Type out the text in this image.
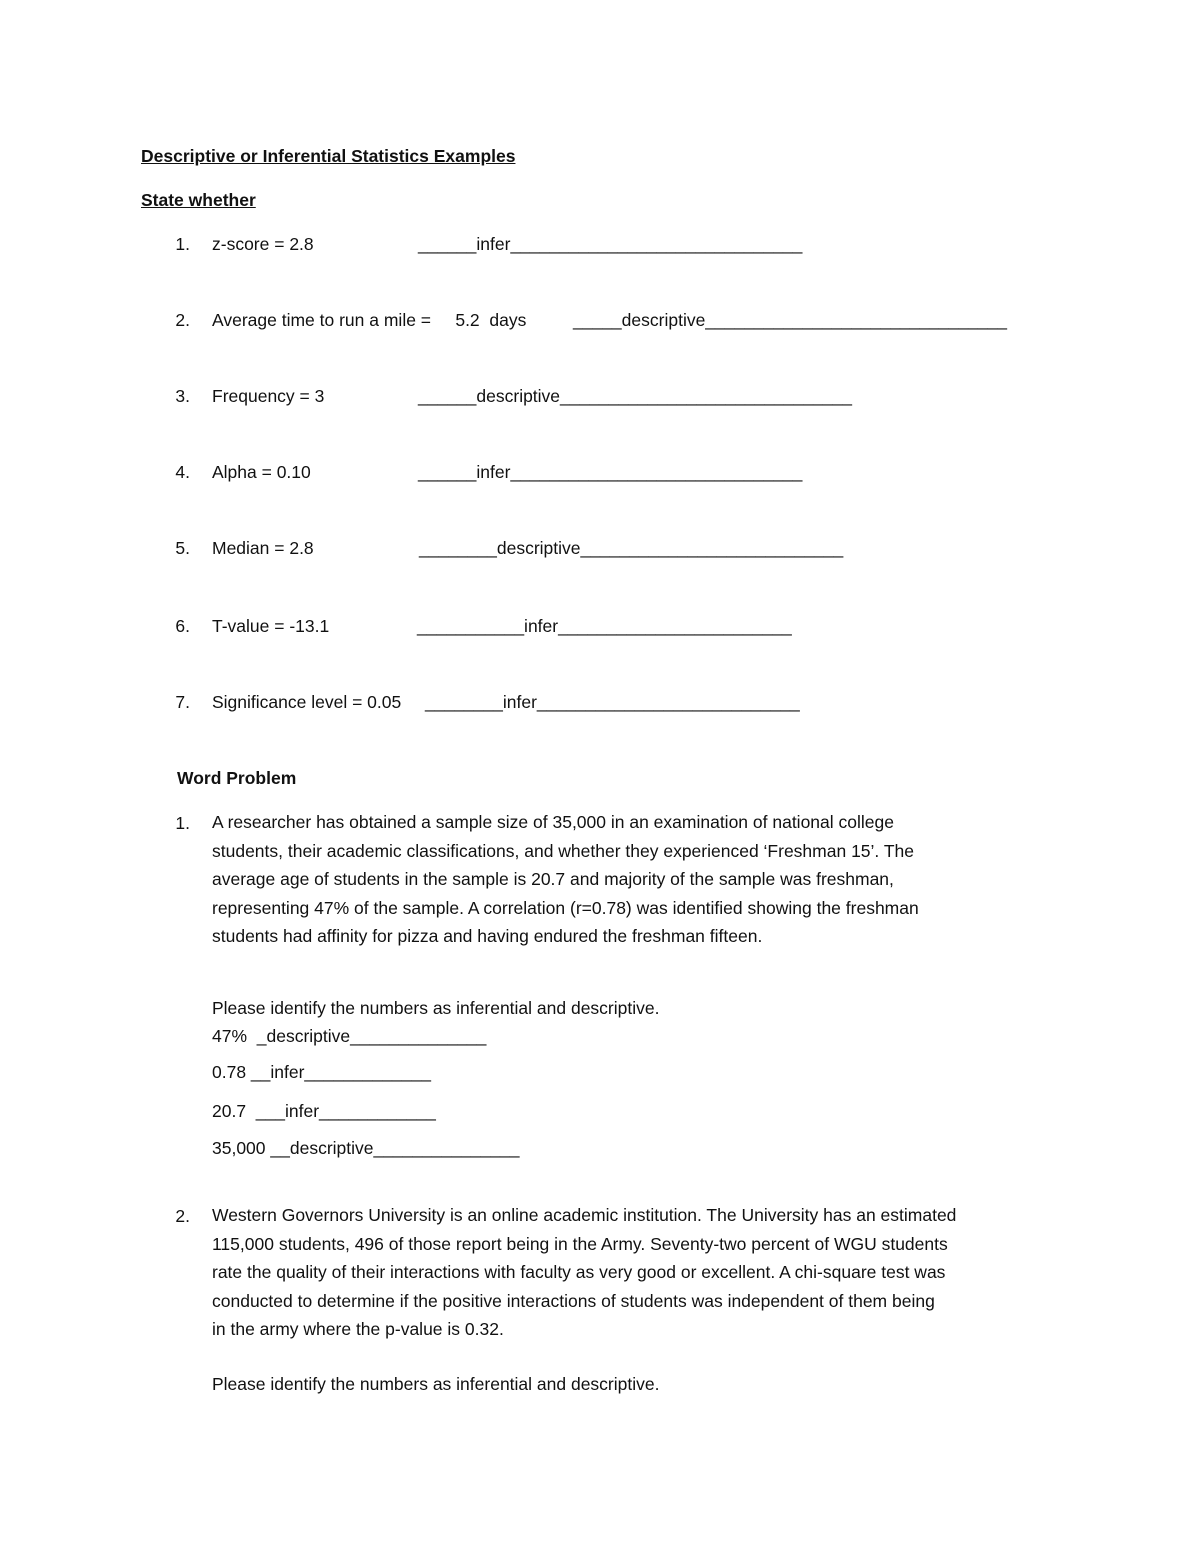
Descriptive or Inferential Statistics Examples
State whether
1. z-score = 2.8	______infer______________________________
2. Average time to run a mile =     5.2  days	_____descriptive_______________________________
3. Frequency = 3	______descriptive______________________________
4. Alpha = 0.10	______infer______________________________
5. Median = 2.8	________descriptive___________________________
6. T-value = -13.1	___________infer________________________
7. Significance level = 0.05 ________infer___________________________
Word Problem
1. A researcher has obtained a sample size of 35,000 in an examination of national college
students, their academic classifications, and whether they experienced ‘Freshman 15’. The
average age of students in the sample is 20.7 and majority of the sample was freshman,
representing 47% of the sample. A correlation (r=0.78) was identified showing the freshman
students had affinity for pizza and having endured the freshman fifteen.
Please identify the numbers as inferential and descriptive.
47%  _descriptive______________
0.78 __infer_____________
20.7  ___infer____________
35,000 __descriptive_______________
2. Western Governors University is an online academic institution. The University has an estimated
115,000 students, 496 of those report being in the Army. Seventy-two percent of WGU students
rate the quality of their interactions with faculty as very good or excellent. A chi-square test was
conducted to determine if the positive interactions of students was independent of them being
in the army where the p-value is 0.32.
Please identify the numbers as inferential and descriptive.
